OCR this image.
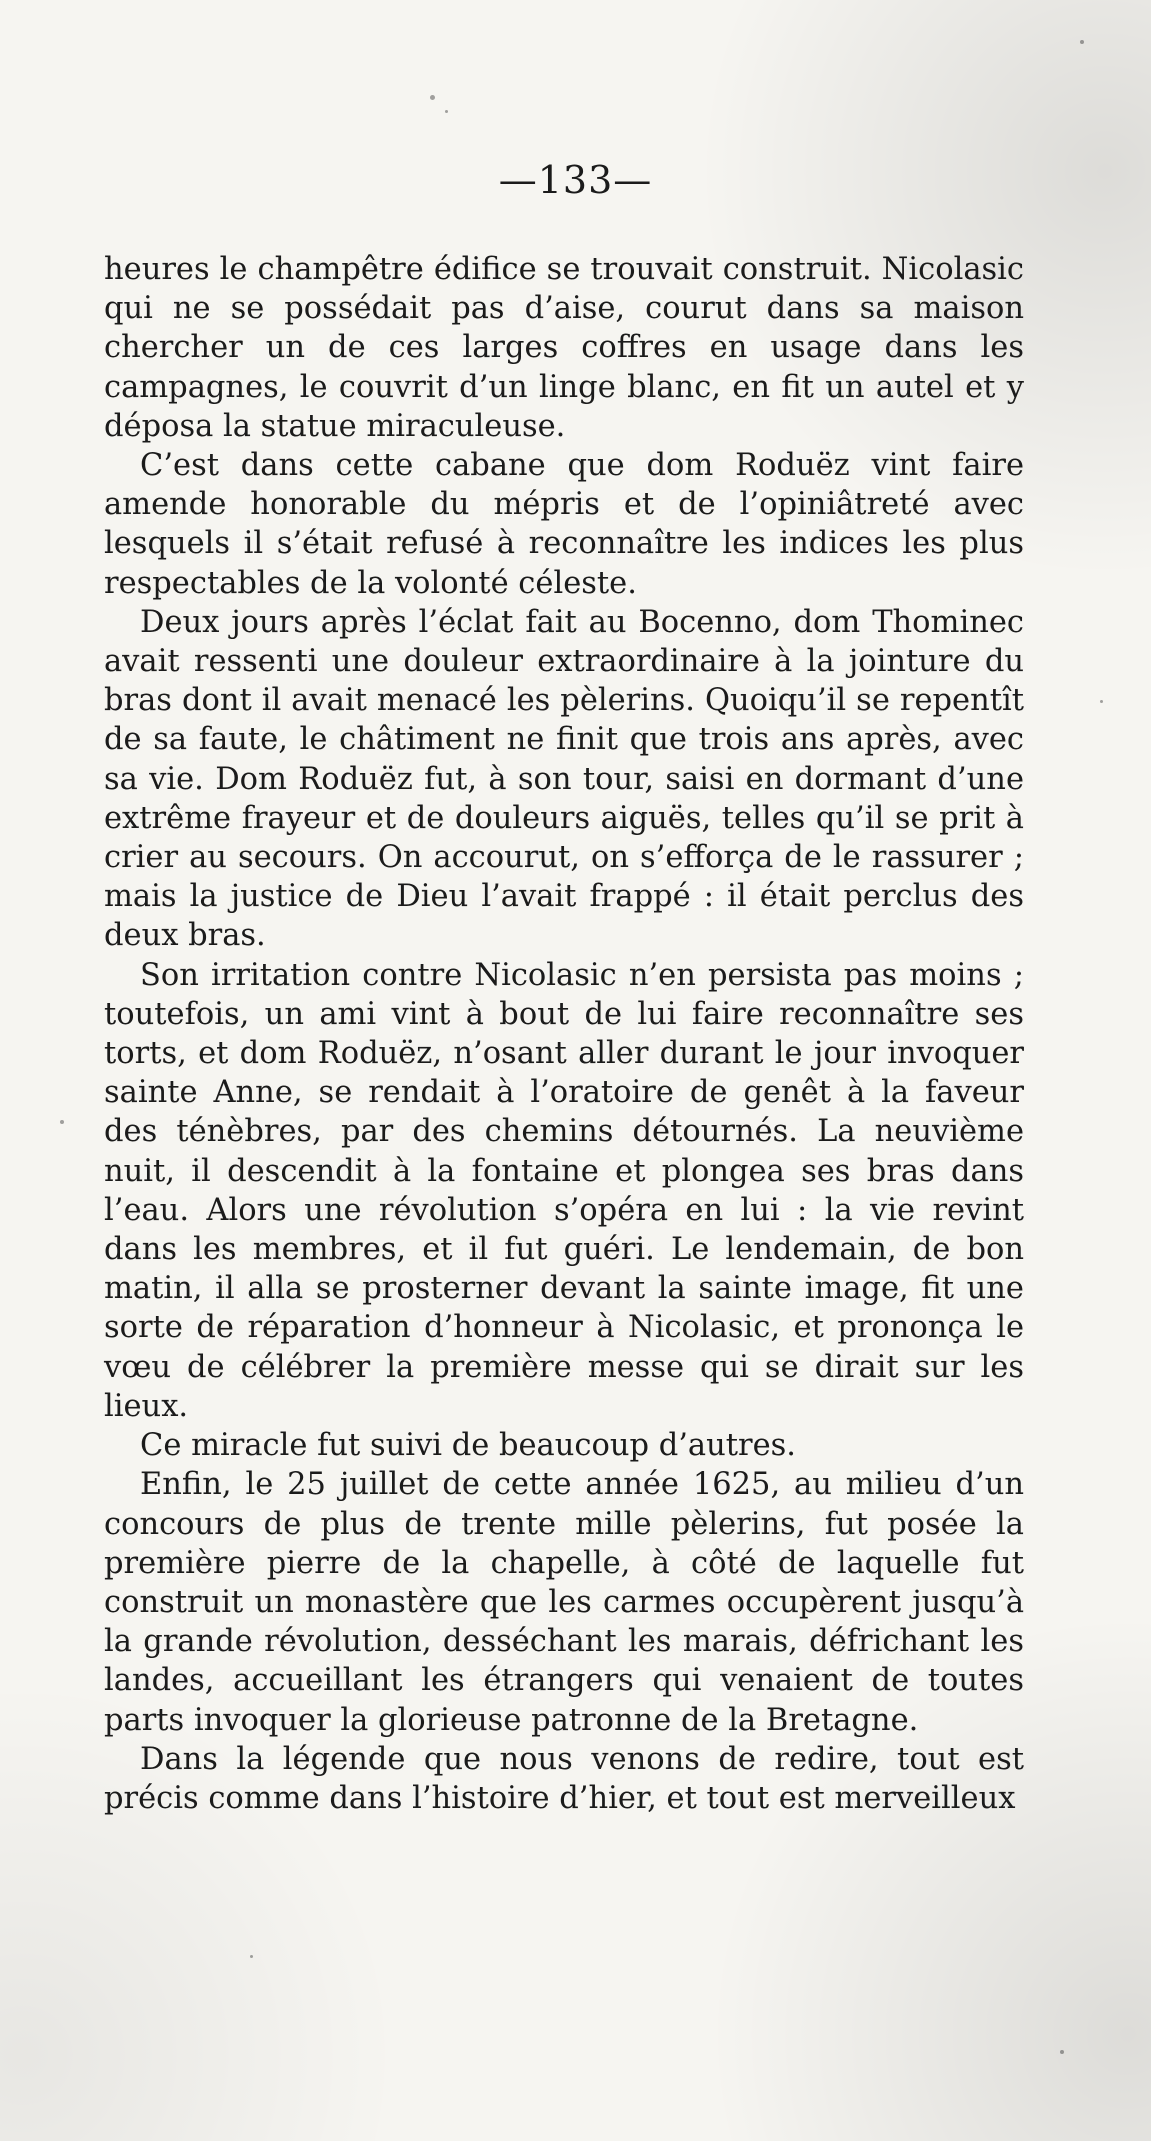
—133—

heures le champêtre édifice se trouvait construit. Nicolasic qui ne se possédait pas d’aise, courut dans sa maison chercher un de ces larges coffres en usage dans les campagnes, le couvrit d’un linge blanc, en fit un autel et y déposa la statue miraculeuse.

C’est dans cette cabane que dom Roduëz vint faire amende honorable du mépris et de l’opiniâtreté avec lesquels il s’était refusé à reconnaître les indices les plus respectables de la volonté céleste.

Deux jours après l’éclat fait au Bocenno, dom Thominec avait ressenti une douleur extraordinaire à la jointure du bras dont il avait menacé les pèlerins. Quoiqu’il se repentît de sa faute, le châtiment ne finit que trois ans après, avec sa vie. Dom Roduëz fut, à son tour, saisi en dormant d’une extrême frayeur et de douleurs aiguës, telles qu’il se prit à crier au secours. On accourut, on s’efforça de le rassurer ; mais la justice de Dieu l’avait frappé : il était perclus des deux bras.

Son irritation contre Nicolasic n’en persista pas moins ; toutefois, un ami vint à bout de lui faire reconnaître ses torts, et dom Roduëz, n’osant aller durant le jour invoquer sainte Anne, se rendait à l’oratoire de genêt à la faveur des ténèbres, par des chemins détournés. La neuvième nuit, il descendit à la fontaine et plongea ses bras dans l’eau. Alors une révolution s’opéra en lui : la vie revint dans les membres, et il fut guéri. Le lendemain, de bon matin, il alla se prosterner devant la sainte image, fit une sorte de réparation d’honneur à Nicolasic, et prononça le vœu de célébrer la première messe qui se dirait sur les lieux.

Ce miracle fut suivi de beaucoup d’autres.

Enfin, le 25 juillet de cette année 1625, au milieu d’un concours de plus de trente mille pèlerins, fut posée la première pierre de la chapelle, à côté de laquelle fut construit un monastère que les carmes occupèrent jusqu’à la grande révolution, desséchant les marais, défrichant les landes, accueillant les étrangers qui venaient de toutes parts invoquer la glorieuse patronne de la Bretagne.

Dans la légende que nous venons de redire, tout est précis comme dans l’histoire d’hier, et tout est merveilleux
